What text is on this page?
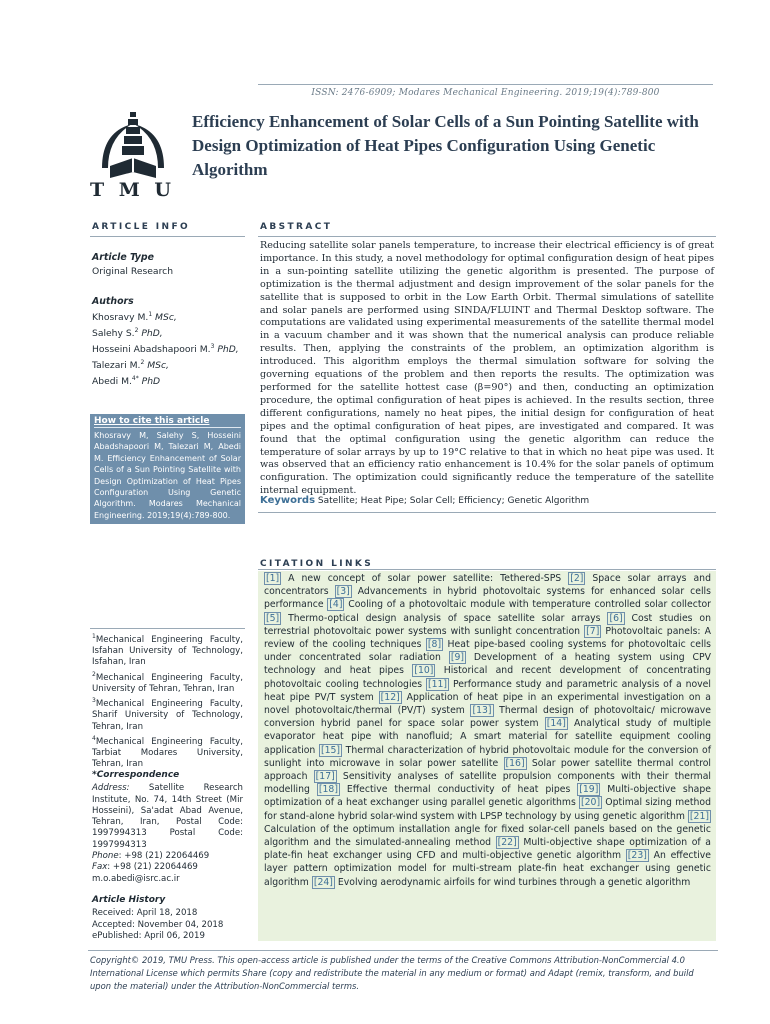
ISSN: 2476-6909; Modares Mechanical Engineering. 2019;19(4):789-800
T M U
Efficiency Enhancement of Solar Cells of a Sun Pointing Satellite with Design Optimization of Heat Pipes Configuration Using Genetic Algorithm
ARTICLE INFO	ABSTRACT
Article Type
Original Research
Authors
Khosravy M.$^1$ MSc,
Salehy S.$^2$ PhD,
Hosseini Abadshapoori M.$^3$ PhD,
Talezari M.$^2$ MSc,
Abedi M.$^{4*}$ PhD
How to cite this article
Khosravy M, Salehy S, Hosseini Abadshapoori M, Talezari M, Abedi M. Efficiency Enhancement of Solar Cells of a Sun Pointing Satellite with Design Optimization of Heat Pipes Configuration Using Genetic Algorithm. Modares Mechanical Engineering. 2019;19(4):789-800.
Reducing satellite solar panels temperature, to increase their electrical efficiency is of great importance. In this study, a novel methodology for optimal configuration design of heat pipes in a sun-pointing satellite utilizing the genetic algorithm is presented. The purpose of optimization is the thermal adjustment and design improvement of the solar panels for the satellite that is supposed to orbit in the Low Earth Orbit. Thermal simulations of satellite and solar panels are performed using SINDA/FLUINT and Thermal Desktop software. The computations are validated using experimental measurements of the satellite thermal model in a vacuum chamber and it was shown that the numerical analysis can produce reliable results. Then, applying the constraints of the problem, an optimization algorithm is introduced. This algorithm employs the thermal simulation software for solving the governing equations of the problem and then reports the results. The optimization was performed for the satellite hottest case (β=90°) and then, conducting an optimization procedure, the optimal configuration of heat pipes is achieved. In the results section, three different configurations, namely no heat pipes, the initial design for configuration of heat pipes and the optimal configuration of heat pipes, are investigated and compared. It was found that the optimal configuration using the genetic algorithm can reduce the temperature of solar arrays by up to 19°C relative to that in which no heat pipe was used. It was observed that an efficiency ratio enhancement is 10.4% for the solar panels of optimum configuration. The optimization could significantly reduce the temperature of the satellite internal equipment.
Keywords Satellite; Heat Pipe; Solar Cell; Efficiency; Genetic Algorithm
CITATION LINKS
[1] A new concept of solar power satellite: Tethered-SPS [2] Space solar arrays and concentrators [3] Advancements in hybrid photovoltaic systems for enhanced solar cells performance [4] Cooling of a photovoltaic module with temperature controlled solar collector [5] Thermo-optical design analysis of space satellite solar arrays [6] Cost studies on terrestrial photovoltaic power systems with sunlight concentration [7] Photovoltaic panels: A review of the cooling techniques [8] Heat pipe-based cooling systems for photovoltaic cells under concentrated solar radiation [9] Development of a heating system using CPV technology and heat pipes [10] Historical and recent development of concentrating photovoltaic cooling technologies [11] Performance study and parametric analysis of a novel heat pipe PV/T system [12] Application of heat pipe in an experimental investigation on a novel photovoltaic/thermal (PV/T) system [13] Thermal design of photovoltaic/ microwave conversion hybrid panel for space solar power system [14] Analytical study of multiple evaporator heat pipe with nanofluid; A smart material for satellite equipment cooling application [15] Thermal characterization of hybrid photovoltaic module for the conversion of sunlight into microwave in solar power satellite [16] Solar power satellite thermal control approach [17] Sensitivity analyses of satellite propulsion components with their thermal modelling [18] Effective thermal conductivity of heat pipes [19] Multi-objective shape optimization of a heat exchanger using parallel genetic algorithms [20] Optimal sizing method for stand-alone hybrid solar-wind system with LPSP technology by using genetic algorithm [21] Calculation of the optimum installation angle for fixed solar-cell panels based on the genetic algorithm and the simulated-annealing method [22] Multi-objective shape optimization of a plate-fin heat exchanger using CFD and multi-objective genetic algorithm [23] An effective layer pattern optimization model for multi-stream plate-fin heat exchanger using genetic algorithm [24] Evolving aerodynamic airfoils for wind turbines through a genetic algorithm
$^1$Mechanical Engineering Faculty, Isfahan University of Technology, Isfahan, Iran
$^2$Mechanical Engineering Faculty, University of Tehran, Tehran, Iran
$^3$Mechanical Engineering Faculty, Sharif University of Technology, Tehran, Iran
$^4$Mechanical Engineering Faculty, Tarbiat Modares University, Tehran, Iran
*Correspondence
Address: Satellite Research Institute, No. 74, 14th Street (Mir Hosseini), Sa'adat Abad Avenue, Tehran, Iran, Postal Code: 1997994313 Postal Code: 1997994313
Phone: +98 (21) 22064469
Fax: +98 (21) 22064469
m.o.abedi@isrc.ac.ir
Article History
Received: April 18, 2018
Accepted: November 04, 2018
ePublished: April 06, 2019
Copyright© 2019, TMU Press. This open-access article is published under the terms of the Creative Commons Attribution-NonCommercial 4.0 International License which permits Share (copy and redistribute the material in any medium or format) and Adapt (remix, transform, and build upon the material) under the Attribution-NonCommercial terms.
